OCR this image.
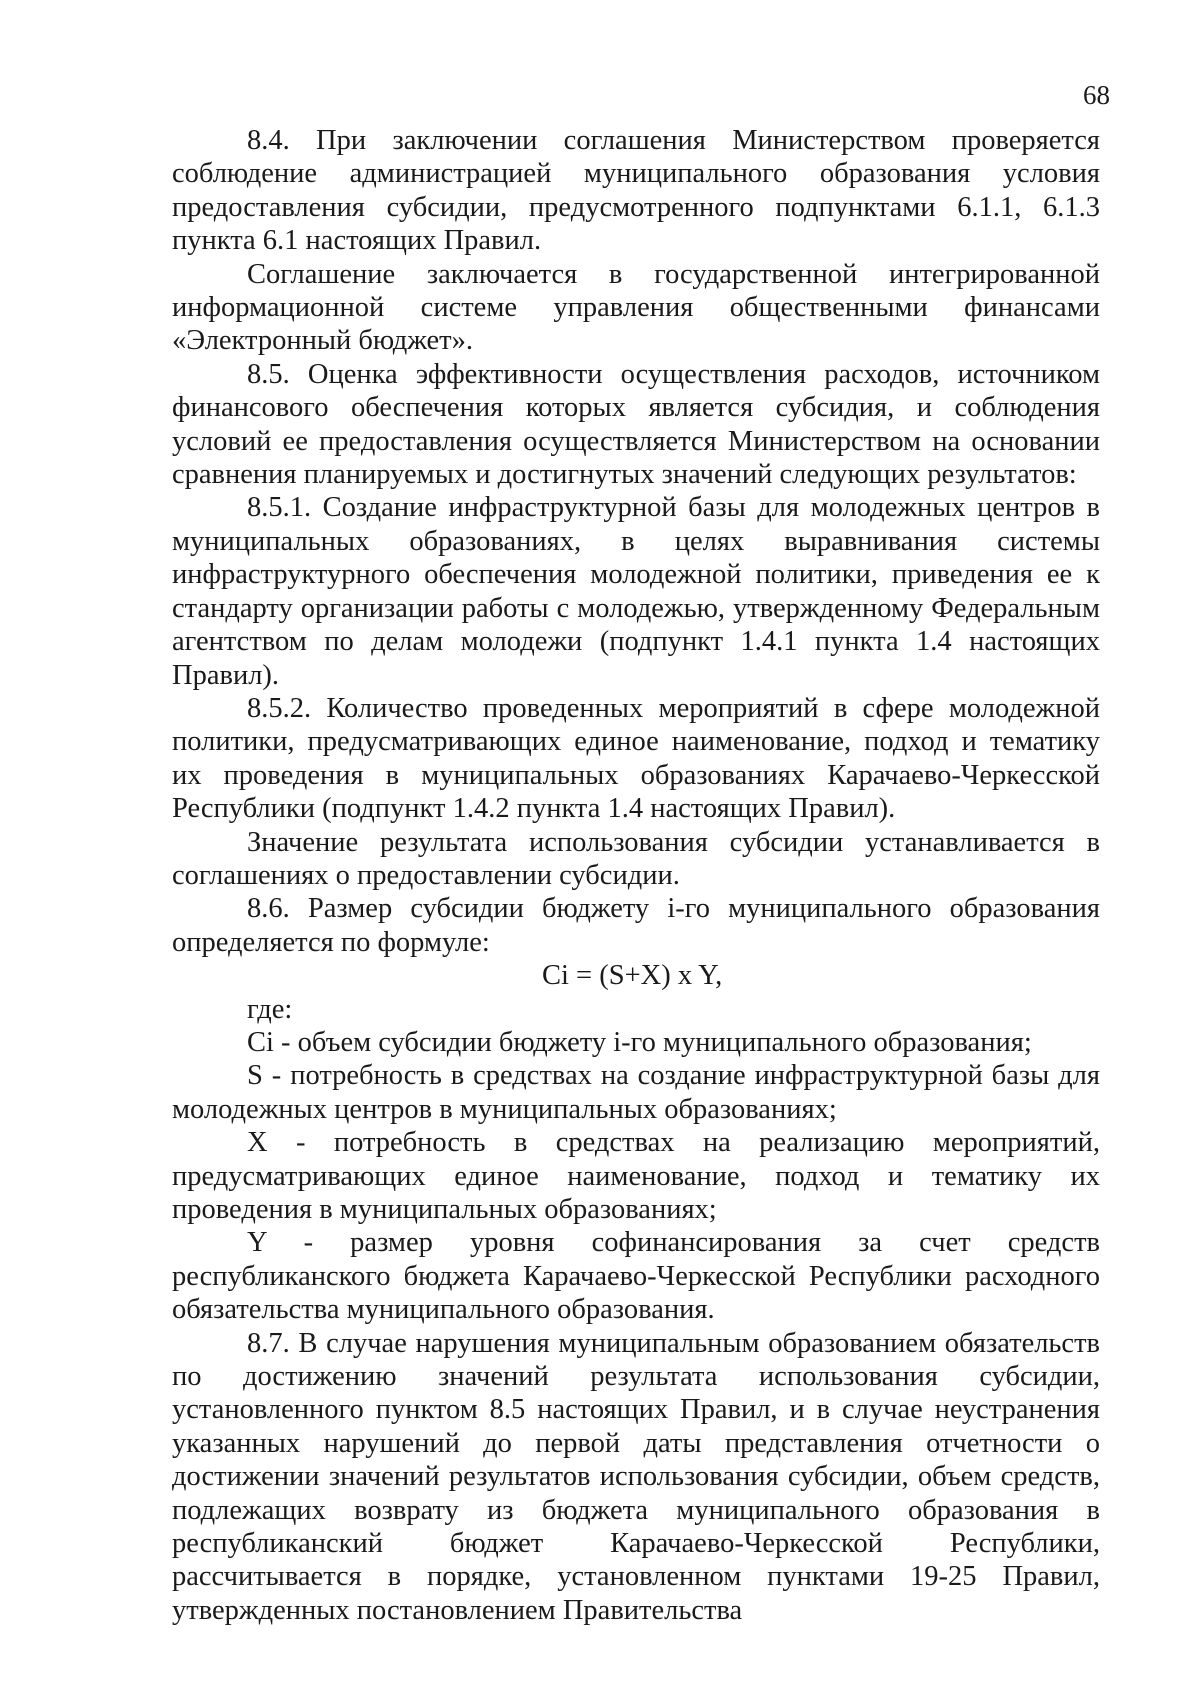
68

8.4. При заключении соглашения Министерством проверяется соблюдение администрацией муниципального образования условия предоставления субсидии, предусмотренного подпунктами 6.1.1, 6.1.3 пункта 6.1 настоящих Правил.

Соглашение заключается в государственной интегрированной информационной системе управления общественными финансами «Электронный бюджет».

8.5. Оценка эффективности осуществления расходов, источником финансового обеспечения которых является субсидия, и соблюдения условий ее предоставления осуществляется Министерством на основании сравнения планируемых и достигнутых значений следующих результатов:

8.5.1. Создание инфраструктурной базы для молодежных центров в муниципальных образованиях, в целях выравнивания системы инфраструктурного обеспечения молодежной политики, приведения ее к стандарту организации работы с молодежью, утвержденному Федеральным агентством по делам молодежи (подпункт 1.4.1 пункта 1.4 настоящих Правил).

8.5.2. Количество проведенных мероприятий в сфере молодежной политики, предусматривающих единое наименование, подход и тематику их проведения в муниципальных образованиях Карачаево-Черкесской Республики (подпункт 1.4.2 пункта 1.4 настоящих Правил).

Значение результата использования субсидии устанавливается в соглашениях о предоставлении субсидии.

8.6. Размер субсидии бюджету i-го муниципального образования определяется по формуле:

Ci = (S+X) x Y,

где:

Ci - объем субсидии бюджету i-го муниципального образования;

S - потребность в средствах на создание инфраструктурной базы для молодежных центров в муниципальных образованиях;

X - потребность в средствах на реализацию мероприятий, предусматривающих единое наименование, подход и тематику их проведения в муниципальных образованиях;

Y - размер уровня софинансирования за счет средств республиканского бюджета Карачаево-Черкесской Республики расходного обязательства муниципального образования.

8.7. В случае нарушения муниципальным образованием обязательств по достижению значений результата использования субсидии, установленного пунктом 8.5 настоящих Правил, и в случае неустранения указанных нарушений до первой даты представления отчетности о достижении значений результатов использования субсидии, объем средств, подлежащих возврату из бюджета муниципального образования в республиканский бюджет Карачаево-Черкесской Республики, рассчитывается в порядке, установленном пунктами 19-25 Правил, утвержденных постановлением Правительства
